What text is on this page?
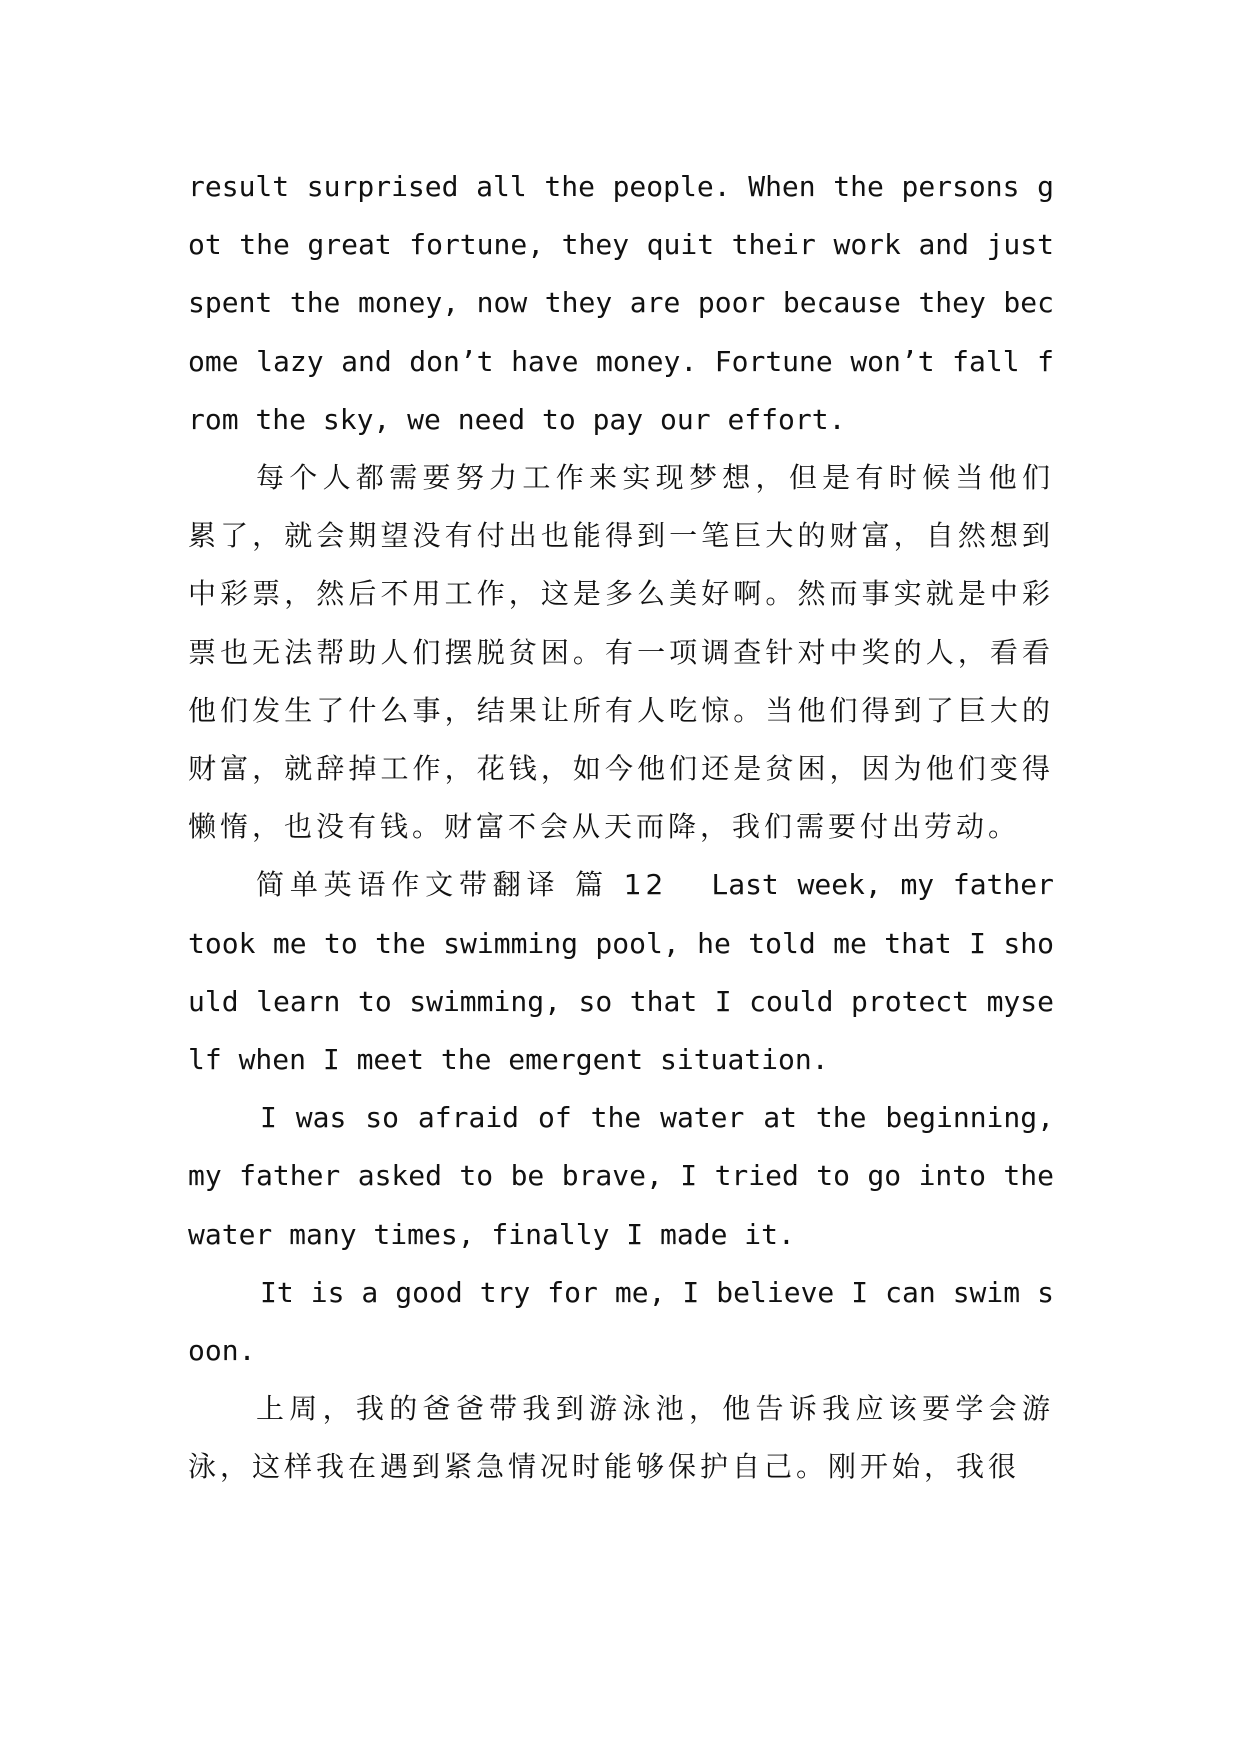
result surprised all the people. When the persons got the great fortune, they quit their work and just spent the money, now they are poor because they become lazy and don’t have money. Fortune won’t fall from the sky, we need to pay our effort.

每个人都需要努力工作来实现梦想，但是有时候当他们累了，就会期望没有付出也能得到一笔巨大的财富，自然想到中彩票，然后不用工作，这是多么美好啊。然而事实就是中彩票也无法帮助人们摆脱贫困。有一项调查针对中奖的人，看看他们发生了什么事，结果让所有人吃惊。当他们得到了巨大的财富，就辞掉工作，花钱，如今他们还是贫困，因为他们变得懒惰，也没有钱。财富不会从天而降，我们需要付出劳动。

简单英语作文带翻译 篇 12 Last week, my father took me to the swimming pool, he told me that I should learn to swimming, so that I could protect myself when I meet the emergent situation.

I was so afraid of the water at the beginning, my father asked to be brave, I tried to go into the water many times, finally I made it.

It is a good try for me, I believe I can swim soon.

上周，我的爸爸带我到游泳池，他告诉我应该要学会游泳，这样我在遇到紧急情况时能够保护自己。刚开始，我很
